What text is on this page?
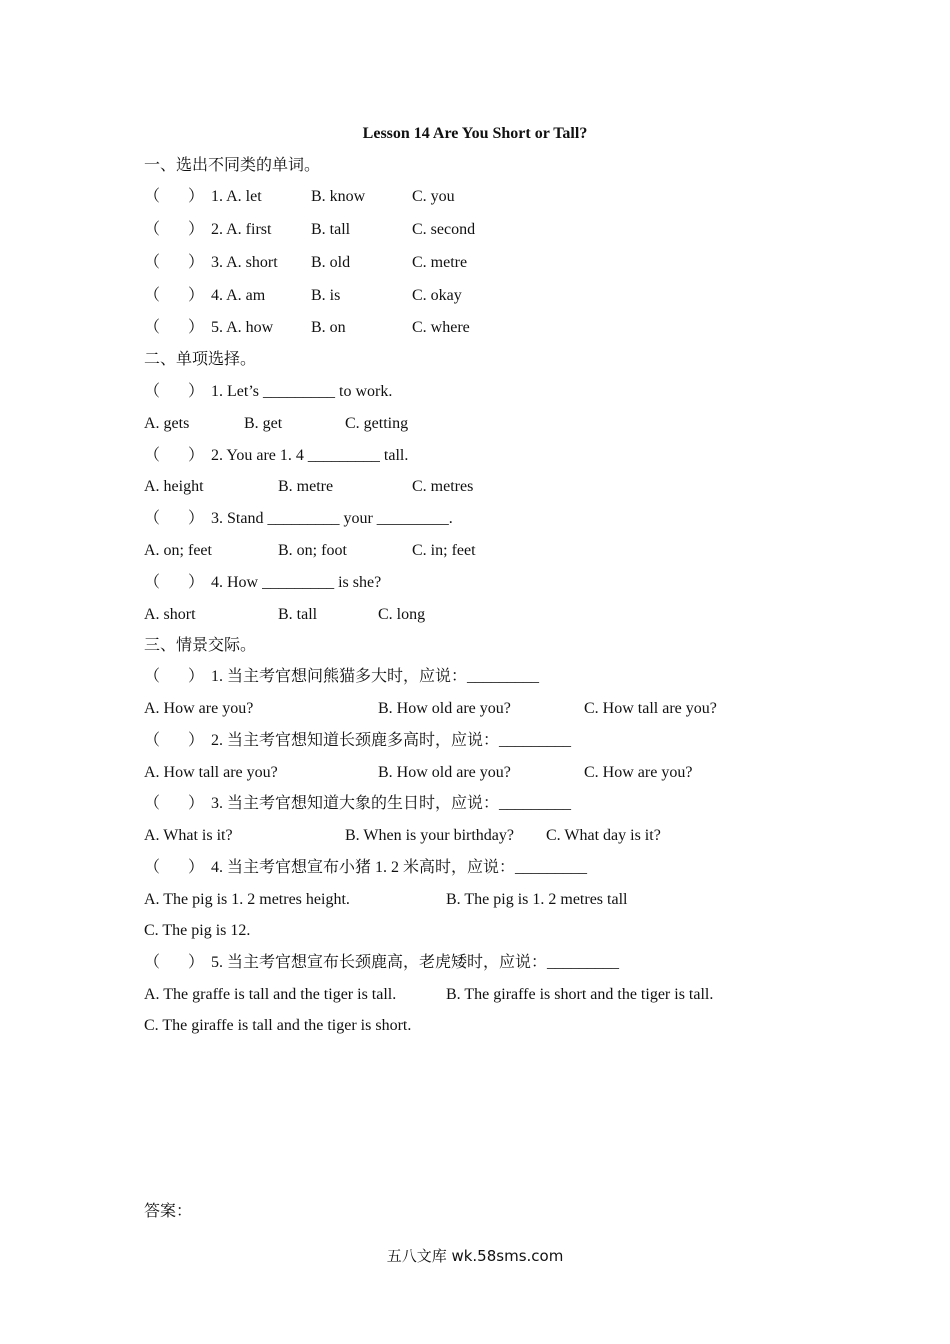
Lesson 14 Are You Short or Tall?
一、选出不同类的单词。
（ ） 1. A. let	B. know	C. you
（ ） 2. A. first B. tall	C. second
（ ） 3. A. short B. old	C. metre
（ ） 4. A. am	B. is	C. okay
（ ） 5. A. how B. on	C. where
二、单项选择。
（ ） 1. Let’s _________ to work.
A. gets	B. get	C. getting
（ ） 2. You are 1. 4 _________ tall.
A. height	B. metre	C. metres
（ ） 3. Stand _________ your _________.
A. on; feet	B. on; foot	C. in; feet
（ ） 4. How _________ is she?
A. short	B. tall	C. long
三、情景交际。
（ ） 1. 当主考官想问熊猫多大时，应说：_________
A. How are you?	B. How old are you?	C. How tall are you?
（ ） 2. 当主考官想知道长颈鹿多高时，应说：_________
A. How tall are you?	B. How old are you?	C. How are you?
（ ） 3. 当主考官想知道大象的生日时，应说：_________
A. What is it?	B. When is your birthday? C. What day is it?
（ ） 4. 当主考官想宣布小猪 1. 2 米高时，应说：_________
A. The pig is 1. 2 metres height.	B. The pig is 1. 2 metres tall
C. The pig is 12.
（ ） 5. 当主考官想宣布长颈鹿高，老虎矮时，应说：_________
A. The graffe is tall and the tiger is tall.	B. The giraffe is short and the tiger is tall.
C. The giraffe is tall and the tiger is short.
答案：
五八文库 wk.58sms.com
